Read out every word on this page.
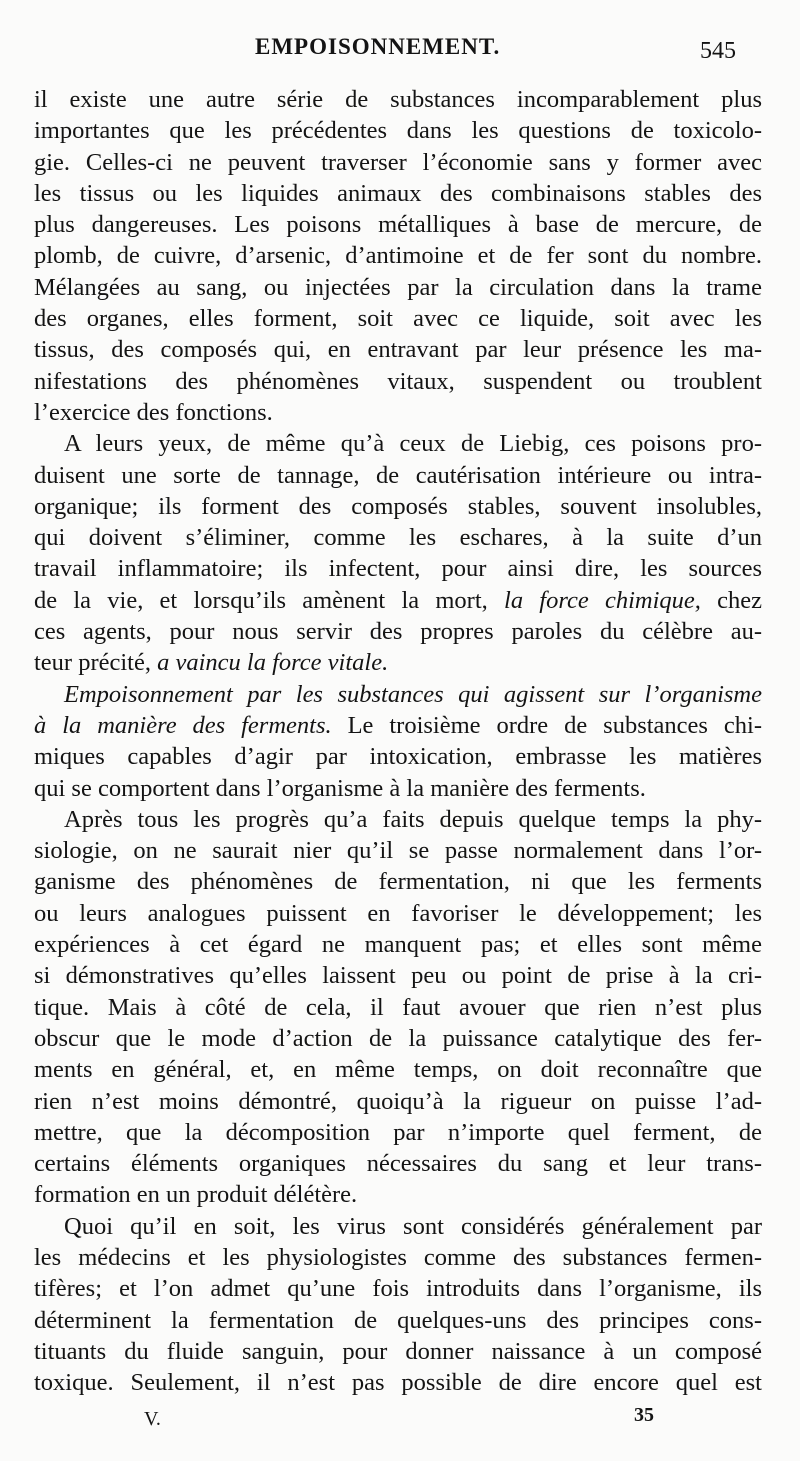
EMPOISONNEMENT.	545
il existe une autre série de substances incomparablement plus
importantes que les précédentes dans les questions de toxicolo-
gie. Celles-ci ne peuvent traverser l’économie sans y former avec
les tissus ou les liquides animaux des combinaisons stables des
plus dangereuses. Les poisons métalliques à base de mercure, de
plomb, de cuivre, d’arsenic, d’antimoine et de fer sont du nombre.
Mélangées au sang, ou injectées par la circulation dans la trame
des organes, elles forment, soit avec ce liquide, soit avec les
tissus, des composés qui, en entravant par leur présence les ma-
nifestations des phénomènes vitaux, suspendent ou troublent
l’exercice des fonctions.
A leurs yeux, de même qu’à ceux de Liebig, ces poisons pro-
duisent une sorte de tannage, de cautérisation intérieure ou intra-
organique; ils forment des composés stables, souvent insolubles,
qui doivent s’éliminer, comme les eschares, à la suite d’un
travail inflammatoire; ils infectent, pour ainsi dire, les sources
de la vie, et lorsqu’ils amènent la mort, la force chimique, chez
ces agents, pour nous servir des propres paroles du célèbre au-
teur précité, a vaincu la force vitale.
Empoisonnement par les substances qui agissent sur l’organisme
à la manière des ferments. Le troisième ordre de substances chi-
miques capables d’agir par intoxication, embrasse les matières
qui se comportent dans l’organisme à la manière des ferments.
Après tous les progrès qu’a faits depuis quelque temps la phy-
siologie, on ne saurait nier qu’il se passe normalement dans l’or-
ganisme des phénomènes de fermentation, ni que les ferments
ou leurs analogues puissent en favoriser le développement; les
expériences à cet égard ne manquent pas; et elles sont même
si démonstratives qu’elles laissent peu ou point de prise à la cri-
tique. Mais à côté de cela, il faut avouer que rien n’est plus
obscur que le mode d’action de la puissance catalytique des fer-
ments en général, et, en même temps, on doit reconnaître que
rien n’est moins démontré, quoiqu’à la rigueur on puisse l’ad-
mettre, que la décomposition par n’importe quel ferment, de
certains éléments organiques nécessaires du sang et leur trans-
formation en un produit délétère.
Quoi qu’il en soit, les virus sont considérés généralement par
les médecins et les physiologistes comme des substances fermen-
tifères; et l’on admet qu’une fois introduits dans l’organisme, ils
déterminent la fermentation de quelques-uns des principes cons-
tituants du fluide sanguin, pour donner naissance à un composé
toxique. Seulement, il n’est pas possible de dire encore quel est
V.	35
